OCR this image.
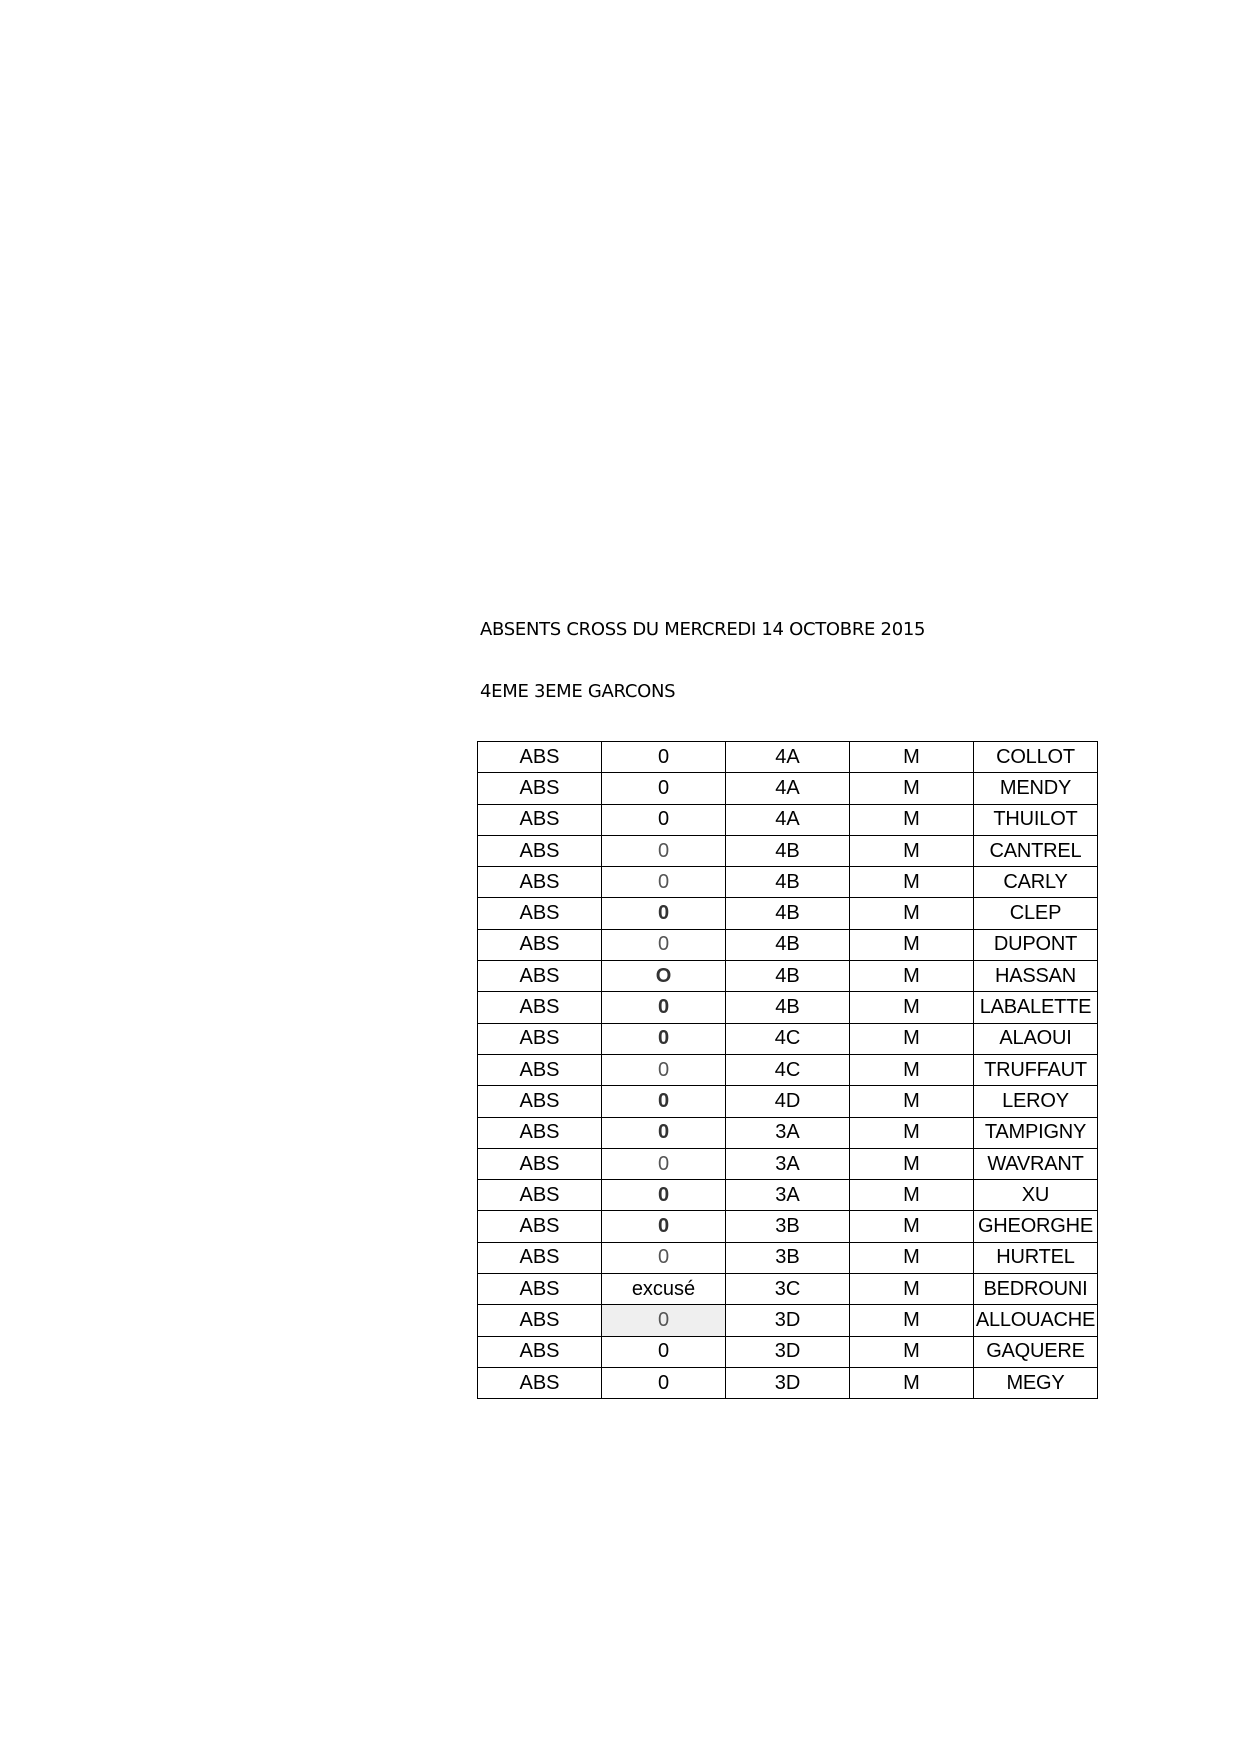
ABSENTS CROSS DU MERCREDI 14 OCTOBRE 2015
4EME 3EME GARCONS
ABS	0	4A	M	COLLOT
ABS	0	4A	M	MENDY
ABS	0	4A	M	THUILOT
ABS	0	4B	M	CANTREL
ABS	0	4B	M	CARLY
ABS	0	4B	M	CLEP
ABS	0	4B	M	DUPONT
ABS	O	4B	M	HASSAN
ABS	0	4B	M	LABALETTE
ABS	0	4C	M	ALAOUI
ABS	0	4C	M	TRUFFAUT
ABS	0	4D	M	LEROY
ABS	0	3A	M	TAMPIGNY
ABS	0	3A	M	WAVRANT
ABS	0	3A	M	XU
ABS	0	3B	M	GHEORGHE
ABS	0	3B	M	HURTEL
ABS	excusé	3C	M	BEDROUNI
ABS	0	3D	M	ALLOUACHE
ABS	0	3D	M	GAQUERE
ABS	0	3D	M	MEGY
